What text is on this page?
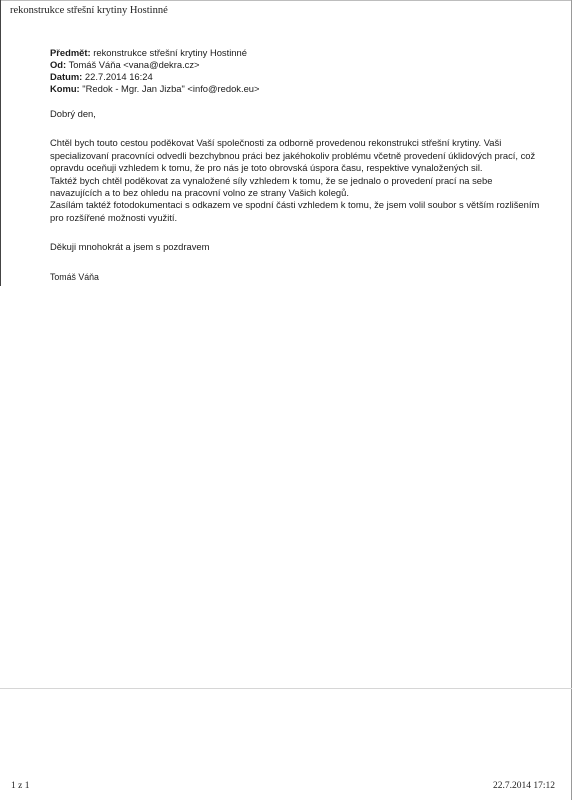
rekonstrukce střešní krytiny Hostinné
Předmět: rekonstrukce střešní krytiny Hostinné
Od: Tomáš Váňa <vana@dekra.cz>
Datum: 22.7.2014 16:24
Komu: "Redok - Mgr. Jan Jizba" <info@redok.eu>

Dobrý den,

Chtěl bych touto cestou poděkovat Vaší společnosti za odborně provedenou rekonstrukci střešní krytiny. Vaši

specializovaní pracovníci odvedli bezchybnou práci bez jakéhokoliv problému včetně provedení úklidových prací, což

opravdu oceňuji vzhledem k tomu, že pro nás je toto obrovská úspora času, respektive vynaložených sil.

Taktéž bych chtěl poděkovat za vynaložené síly vzhledem k tomu, že se jednalo o provedení prací na sebe

navazujících a to bez ohledu na pracovní volno ze strany Vašich kolegů.

Zasílám taktéž fotodokumentaci s odkazem ve spodní části vzhledem k tomu, že jsem volil soubor s větším rozlišením

pro rozšířené možnosti využití.

Děkuji mnohokrát a jsem s pozdravem

Tomáš Váňa

1 z 1	22.7.2014 17:12
